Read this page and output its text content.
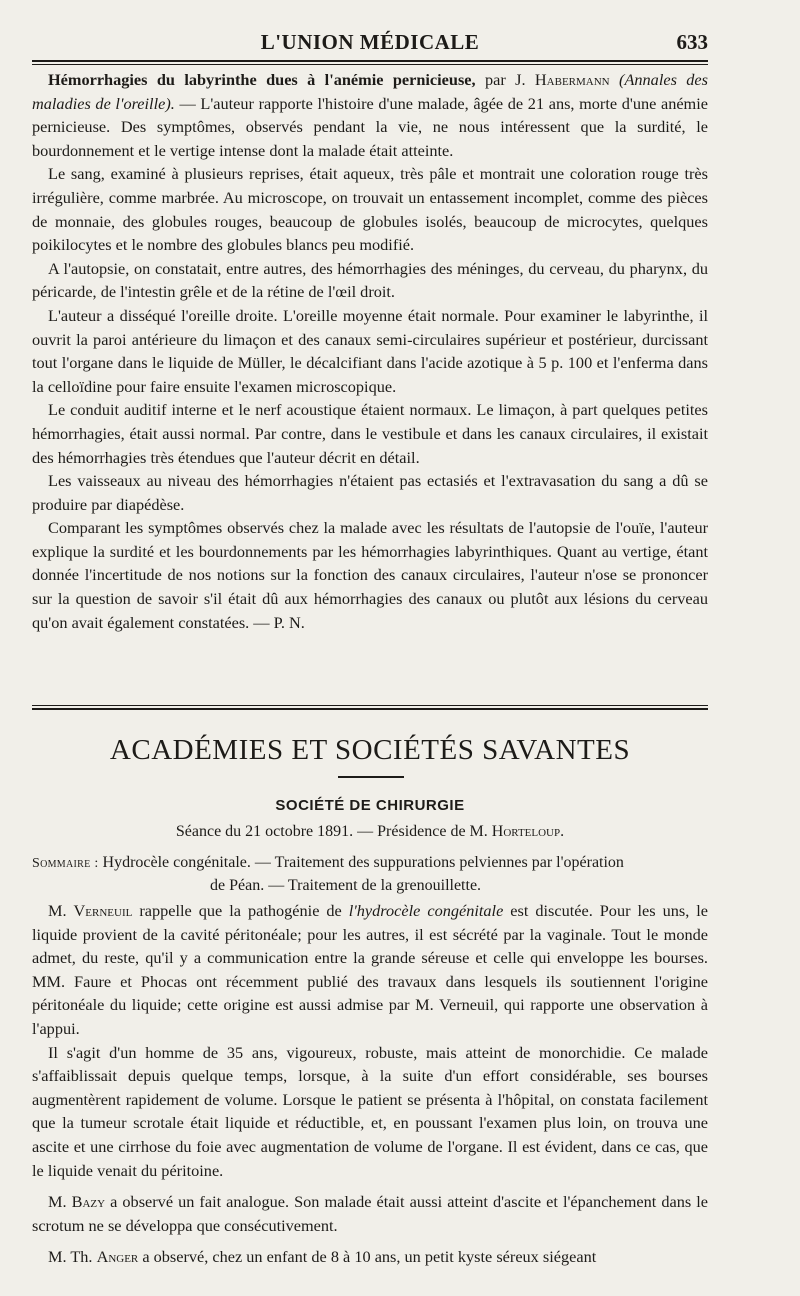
L'UNION MÉDICALE	633

Hémorrhagies du labyrinthe dues à l'anémie pernicieuse, par J. Habermann (Annales des maladies de l'oreille). — L'auteur rapporte l'histoire d'une malade, âgée de 21 ans, morte d'une anémie pernicieuse. Des symptômes, observés pendant la vie, ne nous intéressent que la surdité, le bourdonnement et le vertige intense dont la malade était atteinte.

Le sang, examiné à plusieurs reprises, était aqueux, très pâle et montrait une coloration rouge très irrégulière, comme marbrée. Au microscope, on trouvait un entassement incomplet, comme des pièces de monnaie, des globules rouges, beaucoup de globules isolés, beaucoup de microcytes, quelques poikilocytes et le nombre des globules blancs peu modifié.

A l'autopsie, on constatait, entre autres, des hémorrhagies des méninges, du cerveau, du pharynx, du péricarde, de l'intestin grêle et de la rétine de l'œil droit.

L'auteur a disséqué l'oreille droite. L'oreille moyenne était normale. Pour examiner le labyrinthe, il ouvrit la paroi antérieure du limaçon et des canaux semi-circulaires supérieur et postérieur, durcissant tout l'organe dans le liquide de Müller, le décalcifiant dans l'acide azotique à 5 p. 100 et l'enferma dans la celloïdine pour faire ensuite l'examen microscopique.

Le conduit auditif interne et le nerf acoustique étaient normaux. Le limaçon, à part quelques petites hémorrhagies, était aussi normal. Par contre, dans le vestibule et dans les canaux circulaires, il existait des hémorrhagies très étendues que l'auteur décrit en détail.

Les vaisseaux au niveau des hémorrhagies n'étaient pas ectasiés et l'extravasation du sang a dû se produire par diapédèse.

Comparant les symptômes observés chez la malade avec les résultats de l'autopsie de l'ouïe, l'auteur explique la surdité et les bourdonnements par les hémorrhagies labyrinthiques. Quant au vertige, étant donnée l'incertitude de nos notions sur la fonction des canaux circulaires, l'auteur n'ose se prononcer sur la question de savoir s'il était dû aux hémorrhagies des canaux ou plutôt aux lésions du cerveau qu'on avait également constatées. — P. N.

ACADÉMIES ET SOCIÉTÉS SAVANTES
SOCIÉTÉ DE CHIRURGIE
Séance du 21 octobre 1891. — Présidence de M. Horteloup.
Sommaire : Hydrocèle congénitale. — Traitement des suppurations pelviennes par l'opération
de Péan. — Traitement de la grenouillette.

M. Verneuil rappelle que la pathogénie de l'hydrocèle congénitale est discutée. Pour les uns, le liquide provient de la cavité péritonéale; pour les autres, il est sécrété par la vaginale. Tout le monde admet, du reste, qu'il y a communication entre la grande séreuse et celle qui enveloppe les bourses. MM. Faure et Phocas ont récemment publié des travaux dans lesquels ils soutiennent l'origine péritonéale du liquide; cette origine est aussi admise par M. Verneuil, qui rapporte une observation à l'appui.

Il s'agit d'un homme de 35 ans, vigoureux, robuste, mais atteint de monorchidie. Ce malade s'affaiblissait depuis quelque temps, lorsque, à la suite d'un effort considérable, ses bourses augmentèrent rapidement de volume. Lorsque le patient se présenta à l'hôpital, on constata facilement que la tumeur scrotale était liquide et réductible, et, en poussant l'examen plus loin, on trouva une ascite et une cirrhose du foie avec augmentation de volume de l'organe. Il est évident, dans ce cas, que le liquide venait du péritoine.

M. Bazy a observé un fait analogue. Son malade était aussi atteint d'ascite et l'épanchement dans le scrotum ne se développa que consécutivement.

M. Th. Anger a observé, chez un enfant de 8 à 10 ans, un petit kyste séreux siégeant
